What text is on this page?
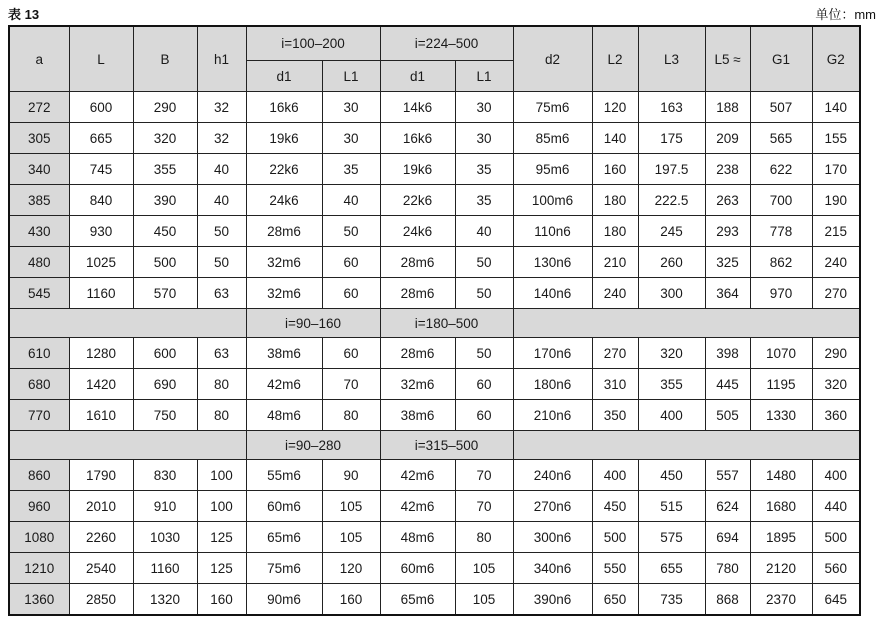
表 13	单位：mm
a	L	B	h1	i=100–200		i=224–500		d2	L2	L3	L5 ≈	G1	G2
				d1	L1	d1	L1						
272	600	290	32	16k6	30	14k6	30	75m6	120	163	188	507	140
305	665	320	32	19k6	30	16k6	30	85m6	140	175	209	565	155
340	745	355	40	22k6	35	19k6	35	95m6	160	197.5	238	622	170
385	840	390	40	24k6	40	22k6	35	100m6	180	222.5	263	700	190
430	930	450	50	28m6	50	24k6	40	110n6	180	245	293	778	215
480	1025	500	50	32m6	60	28m6	50	130n6	210	260	325	862	240
545	1160	570	63	32m6	60	28m6	50	140n6	240	300	364	970	270
				i=90–160		i=180–500							
610	1280	600	63	38m6	60	28m6	50	170n6	270	320	398	1070	290
680	1420	690	80	42m6	70	32m6	60	180n6	310	355	445	1195	320
770	1610	750	80	48m6	80	38m6	60	210n6	350	400	505	1330	360
				i=90–280		i=315–500							
860	1790	830	100	55m6	90	42m6	70	240n6	400	450	557	1480	400
960	2010	910	100	60m6	105	42m6	70	270n6	450	515	624	1680	440
1080	2260	1030	125	65m6	105	48m6	80	300n6	500	575	694	1895	500
1210	2540	1160	125	75m6	120	60m6	105	340n6	550	655	780	2120	560
1360	2850	1320	160	90m6	160	65m6	105	390n6	650	735	868	2370	645
